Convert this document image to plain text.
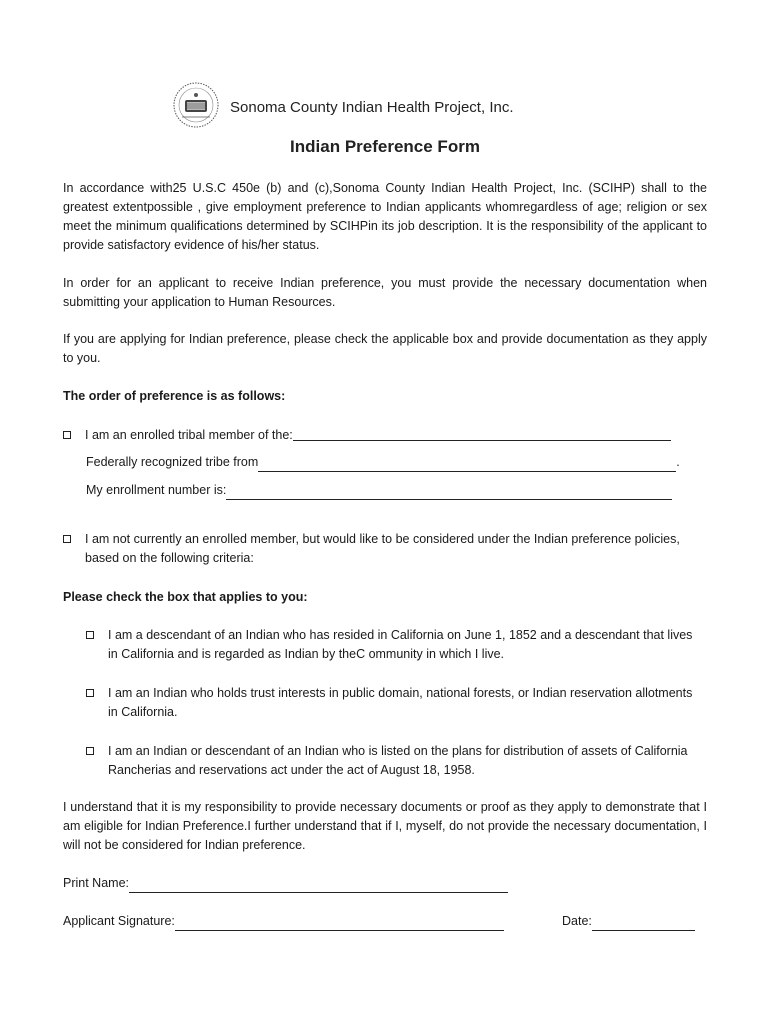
Sonoma County Indian Health Project, Inc.
Indian Preference Form
In accordance with25 U.S.C 450e (b) and (c),Sonoma County Indian Health Project, Inc. (SCIHP) shall to the greatest extentpossible , give employment preference to Indian applicants whomregardless of age; religion or sex meet the minimum qualifications determined by SCIHPin its job description. It is the responsibility of the applicant to provide satisfactory evidence of his/her status.
In order for an applicant to receive Indian preference, you must provide the necessary documentation when submitting your application to Human Resources.
If you are applying for Indian preference, please check the applicable box and provide documentation as they apply to you.
The order of preference is as follows:
I am an enrolled tribal member of the:
Federally recognized tribe from	.
My enrollment number is:
I am not currently an enrolled member, but would like to be considered under the Indian preference policies, based on the following criteria:
Please check the box that applies to you:
I am a descendant of an Indian who has resided in California on June 1, 1852 and a descendant that lives in California and is regarded as Indian by theC ommunity in which I live.
I am an Indian who holds trust interests in public domain, national forests, or Indian reservation allotments in California.
I am an Indian or descendant of an Indian who is listed on the plans for distribution of assets of California Rancherias and reservations act under the act of August 18, 1958.
I understand that it is my responsibility to provide necessary documents or proof as they apply to demonstrate that I am eligible for Indian Preference.I further understand that if I, myself, do not provide the necessary documentation, I will not be considered for Indian preference.
Print Name:
Applicant Signature:	Date:
